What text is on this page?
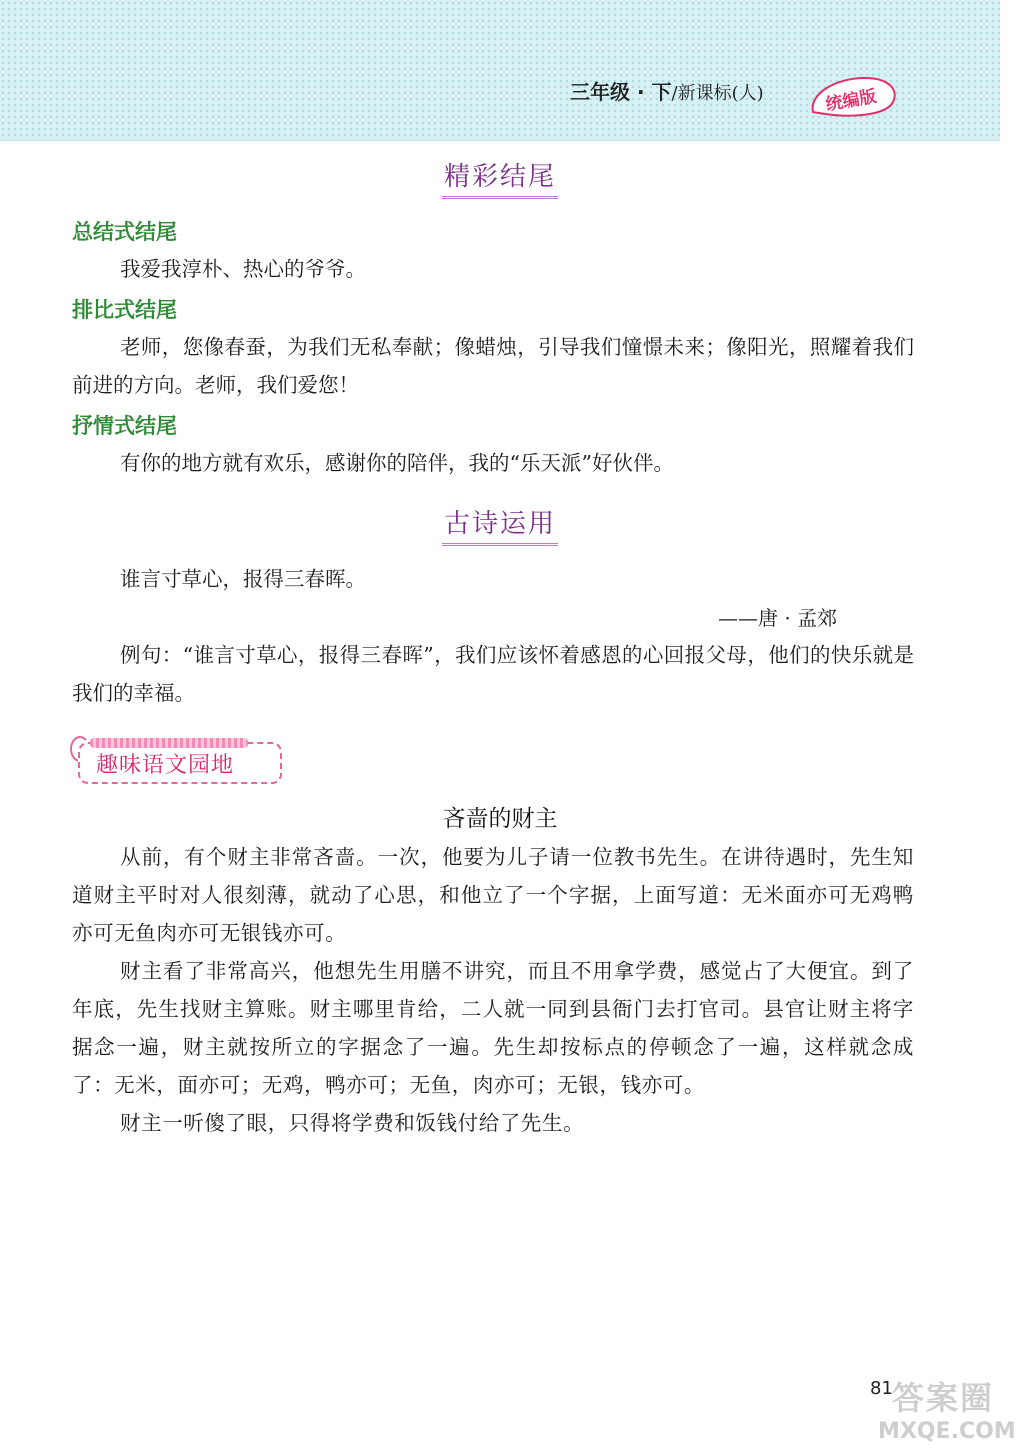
三年级 · 下/新课标(人)	统编版
精彩结尾
总结式结尾
我爱我淳朴、热心的爷爷。
排比式结尾
老师，您像春蚕，为我们无私奉献；像蜡烛，引导我们憧憬未来；像阳光，照耀着我们前进的方向。老师，我们爱您！
抒情式结尾
有你的地方就有欢乐，感谢你的陪伴，我的“乐天派”好伙伴。
古诗运用
谁言寸草心，报得三春晖。
——唐 · 孟郊
例句：“谁言寸草心，报得三春晖”，我们应该怀着感恩的心回报父母，他们的快乐就是我们的幸福。
趣味语文园地
吝啬的财主
从前，有个财主非常吝啬。一次，他要为儿子请一位教书先生。在讲待遇时，先生知道财主平时对人很刻薄，就动了心思，和他立了一个字据，上面写道：无米面亦可无鸡鸭亦可无鱼肉亦可无银钱亦可。
财主看了非常高兴，他想先生用膳不讲究，而且不用拿学费，感觉占了大便宜。到了年底，先生找财主算账。财主哪里肯给，二人就一同到县衙门去打官司。县官让财主将字据念一遍，财主就按所立的字据念了一遍。先生却按标点的停顿念了一遍，这样就念成了：无米，面亦可；无鸡，鸭亦可；无鱼，肉亦可；无银，钱亦可。
财主一听傻了眼，只得将学费和饭钱付给了先生。
81 答案圈
MXQE.COM
